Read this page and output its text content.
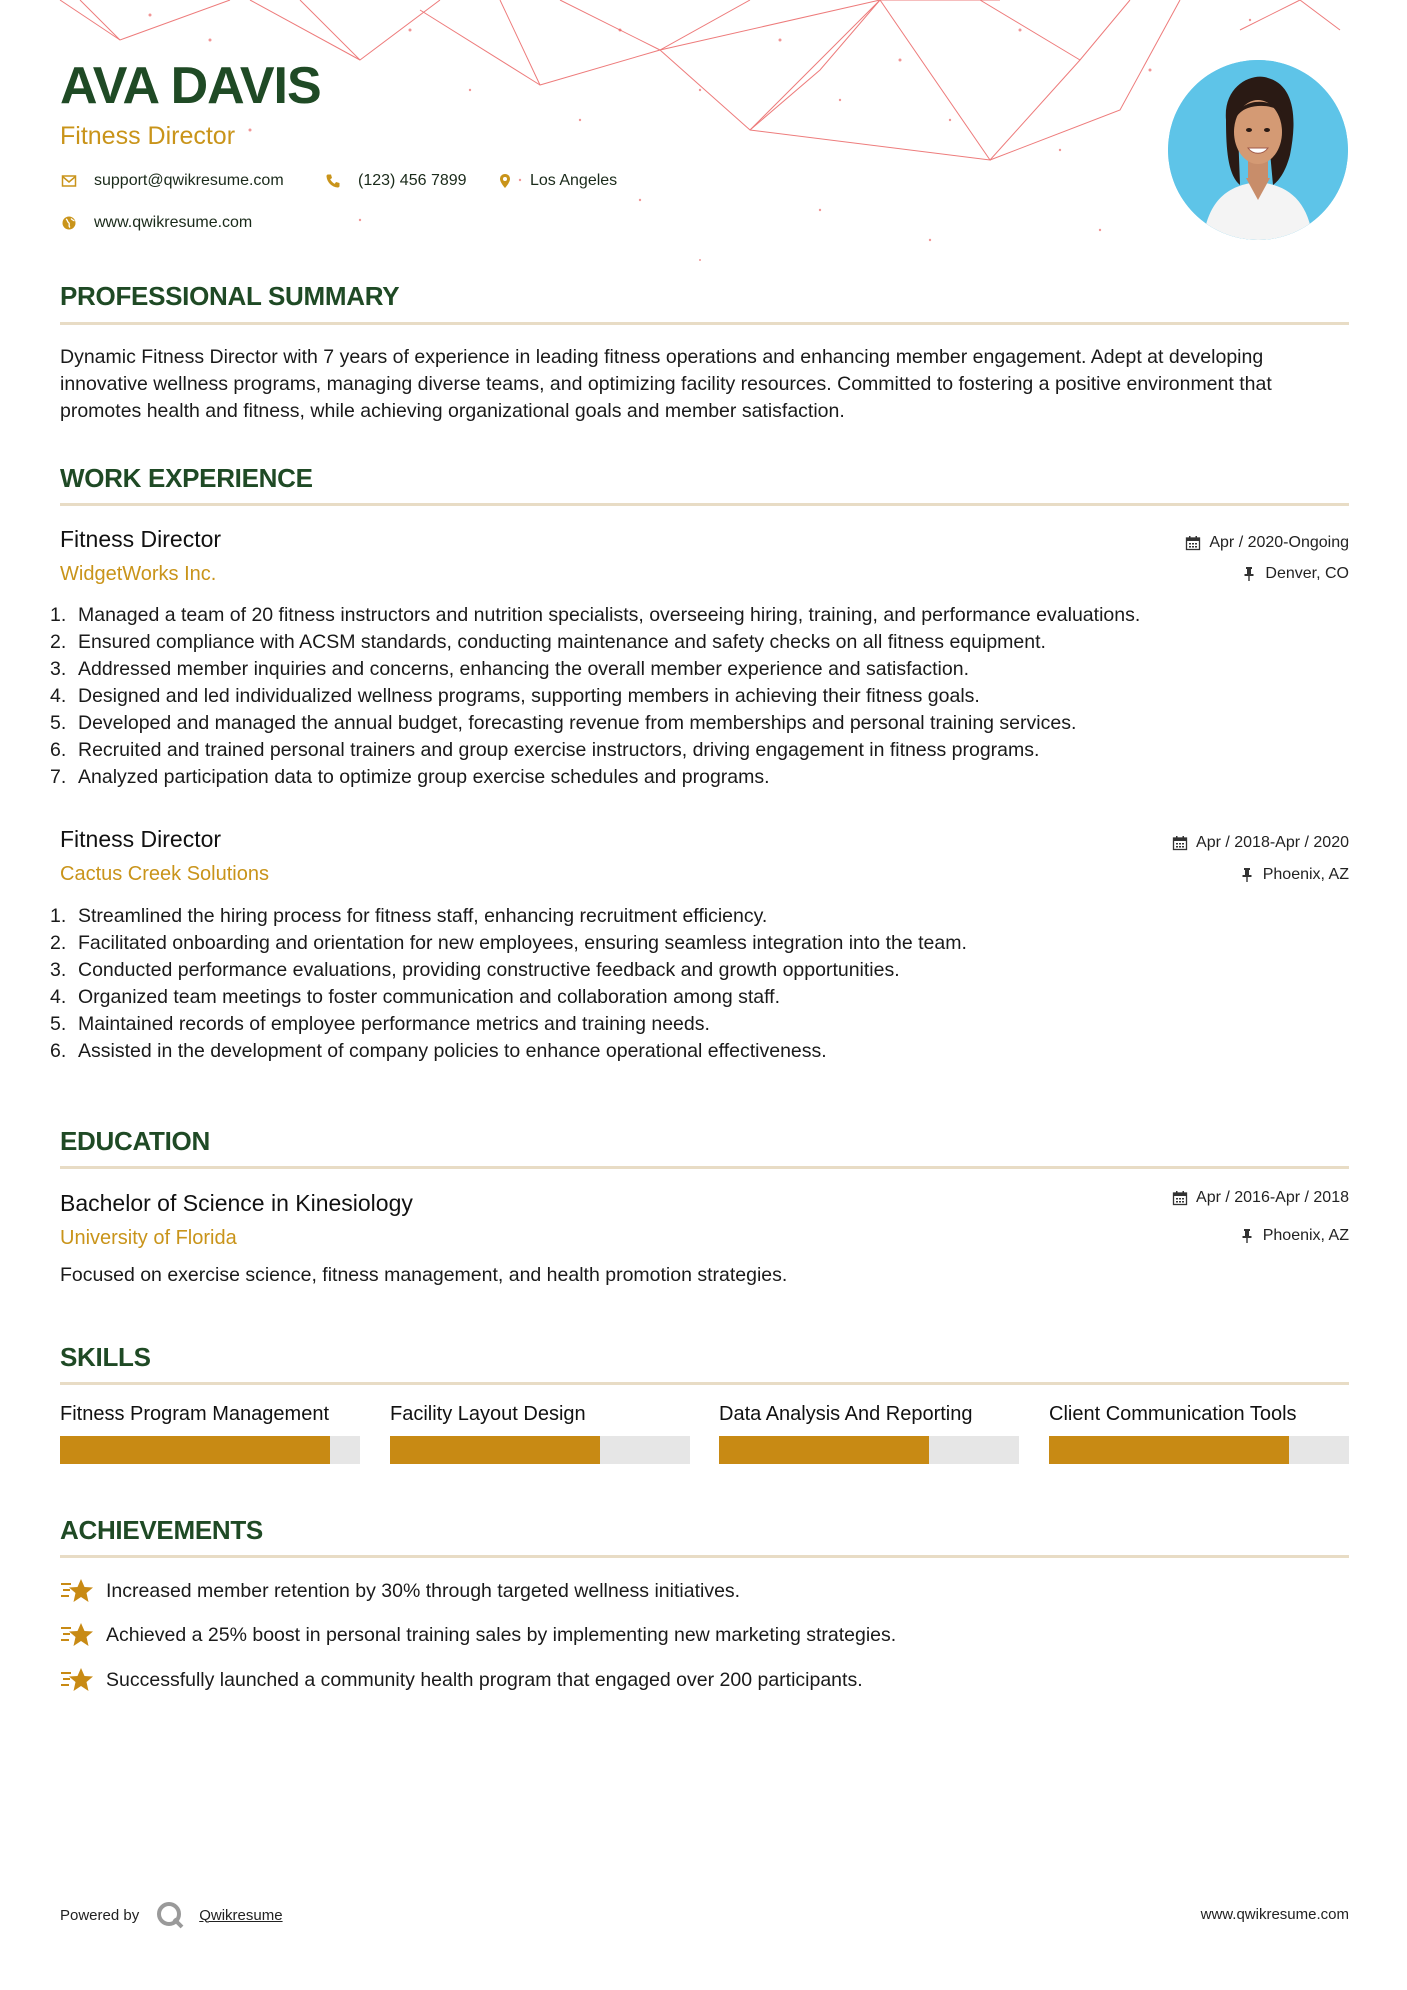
AVA DAVIS

Fitness Director

support@qwikresume.com	(123) 456 7899	Los Angeles
www.qwikresume.com
PROFESSIONAL SUMMARY

Dynamic Fitness Director with 7 years of experience in leading fitness operations and enhancing member engagement. Adept at developing innovative wellness programs, managing diverse teams, and optimizing facility resources. Committed to fostering a positive environment that promotes health and fitness, while achieving organizational goals and member satisfaction.

WORK EXPERIENCE

Fitness Director

WidgetWorks Inc.

Apr / 2020-Ongoing
Denver, CO
1. Managed a team of 20 fitness instructors and nutrition specialists, overseeing hiring, training, and performance evaluations.
2. Ensured compliance with ACSM standards, conducting maintenance and safety checks on all fitness equipment.
3. Addressed member inquiries and concerns, enhancing the overall member experience and satisfaction.
4. Designed and led individualized wellness programs, supporting members in achieving their fitness goals.
5. Developed and managed the annual budget, forecasting revenue from memberships and personal training services.
6. Recruited and trained personal trainers and group exercise instructors, driving engagement in fitness programs.
7. Analyzed participation data to optimize group exercise schedules and programs.

Fitness Director

Cactus Creek Solutions

Apr / 2018-Apr / 2020
Phoenix, AZ
1. Streamlined the hiring process for fitness staff, enhancing recruitment efficiency.
2. Facilitated onboarding and orientation for new employees, ensuring seamless integration into the team.
3. Conducted performance evaluations, providing constructive feedback and growth opportunities.
4. Organized team meetings to foster communication and collaboration among staff.
5. Maintained records of employee performance metrics and training needs.
6. Assisted in the development of company policies to enhance operational effectiveness.
EDUCATION

Bachelor of Science in Kinesiology

University of Florida

Apr / 2016-Apr / 2018
Phoenix, AZ

Focused on exercise science, fitness management, and health promotion strategies.

SKILLS

Fitness Program Management	Facility Layout Design	Data Analysis And Reporting	Client Communication Tools

ACHIEVEMENTS
Increased member retention by 30% through targeted wellness initiatives.
Achieved a 25% boost in personal training sales by implementing new marketing strategies.
Successfully launched a community health program that engaged over 200 participants.
Powered by	Qwikresume	www.qwikresume.com
